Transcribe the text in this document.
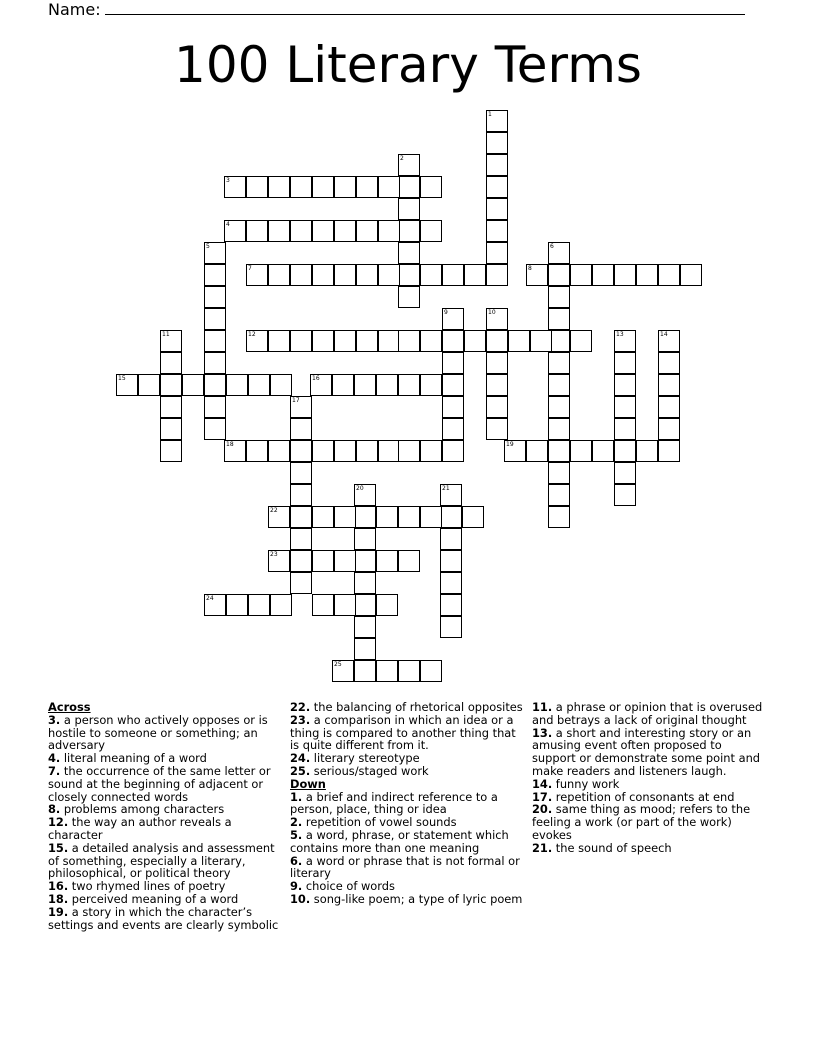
Name:
100 Literary Terms
1
2
3
4
5	6
7	8
9	10
11	12	13	14
15	16
17
18	19
20	21
22
23
24
25
Across
3. a person who actively opposes or is hostile to someone or something; an adversary
4. literal meaning of a word
7. the occurrence of the same letter or sound at the beginning of adjacent or closely connected words
8. problems among characters
12. the way an author reveals a character
15. a detailed analysis and assessment of something, especially a literary, philosophical, or political theory
16. two rhymed lines of poetry
18. perceived meaning of a word
19. a story in which the character’s settings and events are clearly symbolic
22. the balancing of rhetorical opposites
23. a comparison in which an idea or a thing is compared to another thing that is quite different from it.
24. literary stereotype
25. serious/staged work
Down
1. a brief and indirect reference to a person, place, thing or idea
2. repetition of vowel sounds
5. a word, phrase, or statement which contains more than one meaning
6. a word or phrase that is not formal or literary
9. choice of words
10. song-like poem; a type of lyric poem
11. a phrase or opinion that is overused and betrays a lack of original thought
13. a short and interesting story or an amusing event often proposed to support or demonstrate some point and make readers and listeners laugh.
14. funny work
17. repetition of consonants at end
20. same thing as mood; refers to the feeling a work (or part of the work) evokes
21. the sound of speech
